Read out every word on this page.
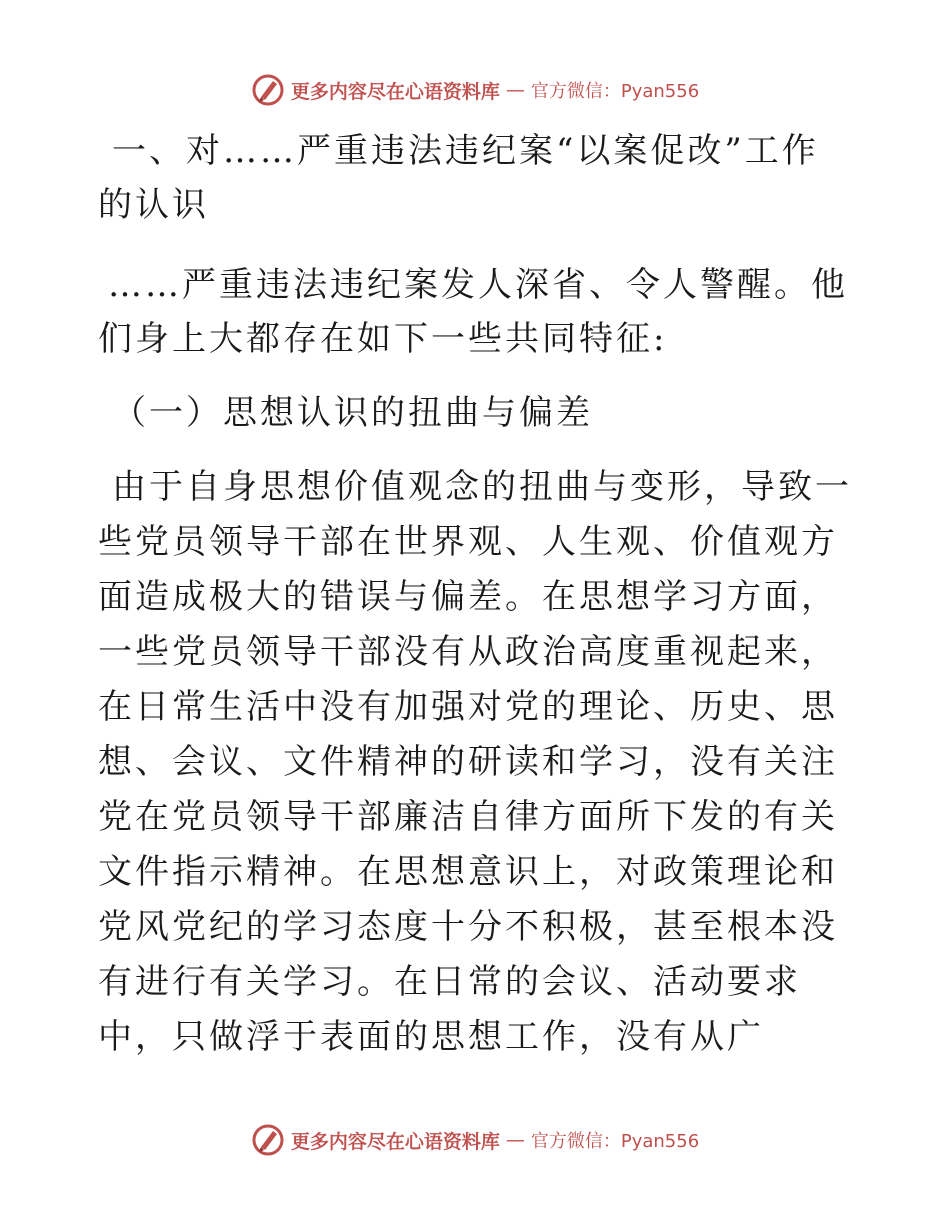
更多内容尽在心语资料库 — 官方微信：Pyan556

一、对……严重违法违纪案“以案促改”工作的认识

……严重违法违纪案发人深省、令人警醒。他们身上大都存在如下一些共同特征:

（一）思想认识的扭曲与偏差

由于自身思想价值观念的扭曲与变形，导致一些党员领导干部在世界观、人生观、价值观方面造成极大的错误与偏差。在思想学习方面，一些党员领导干部没有从政治高度重视起来，在日常生活中没有加强对党的理论、历史、思想、会议、文件精神的研读和学习，没有关注党在党员领导干部廉洁自律方面所下发的有关文件指示精神。在思想意识上，对政策理论和党风党纪的学习态度十分不积极，甚至根本没有进行有关学习。在日常的会议、活动要求中，只做浮于表面的思想工作，没有从广

更多内容尽在心语资料库 — 官方微信：Pyan556
